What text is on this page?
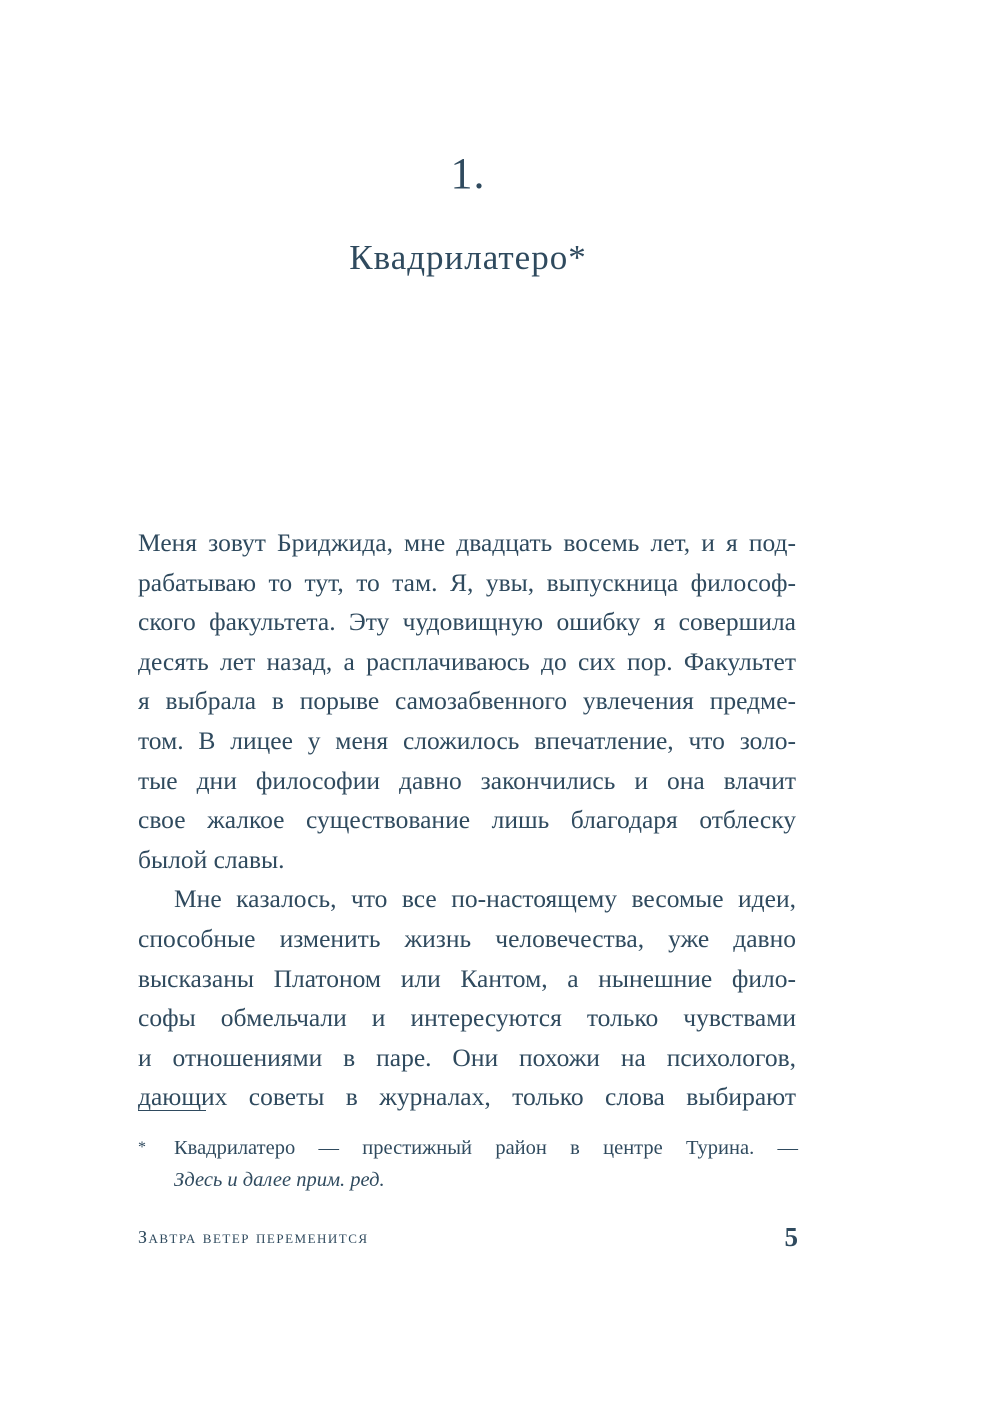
1.
Квадрилатеро*

Меня зовут Бриджида, мне двадцать восемь лет, и я под-

рабатываю то тут, то там. Я, увы, выпускница философ-

ского факультета. Эту чудовищную ошибку я совершила

десять лет назад, а расплачиваюсь до сих пор. Факультет

я выбрала в порыве самозабвенного увлечения предме-

том. В лицее у меня сложилось впечатление, что золо-

тые дни философии давно закончились и она влачит

свое жалкое существование лишь благодаря отблеску

былой славы.

Мне казалось, что все по-настоящему весомые идеи,

способные изменить жизнь человечества, уже давно

высказаны Платоном или Кантом, а нынешние фило-

софы обмельчали и интересуются только чувствами

и отношениями в паре. Они похожи на психологов,

дающих советы в журналах, только слова выбирают

* Квадрилатеро — престижный район в центре Турина. —
Здесь и далее прим. ред.
Завтра ветер переменится	5
